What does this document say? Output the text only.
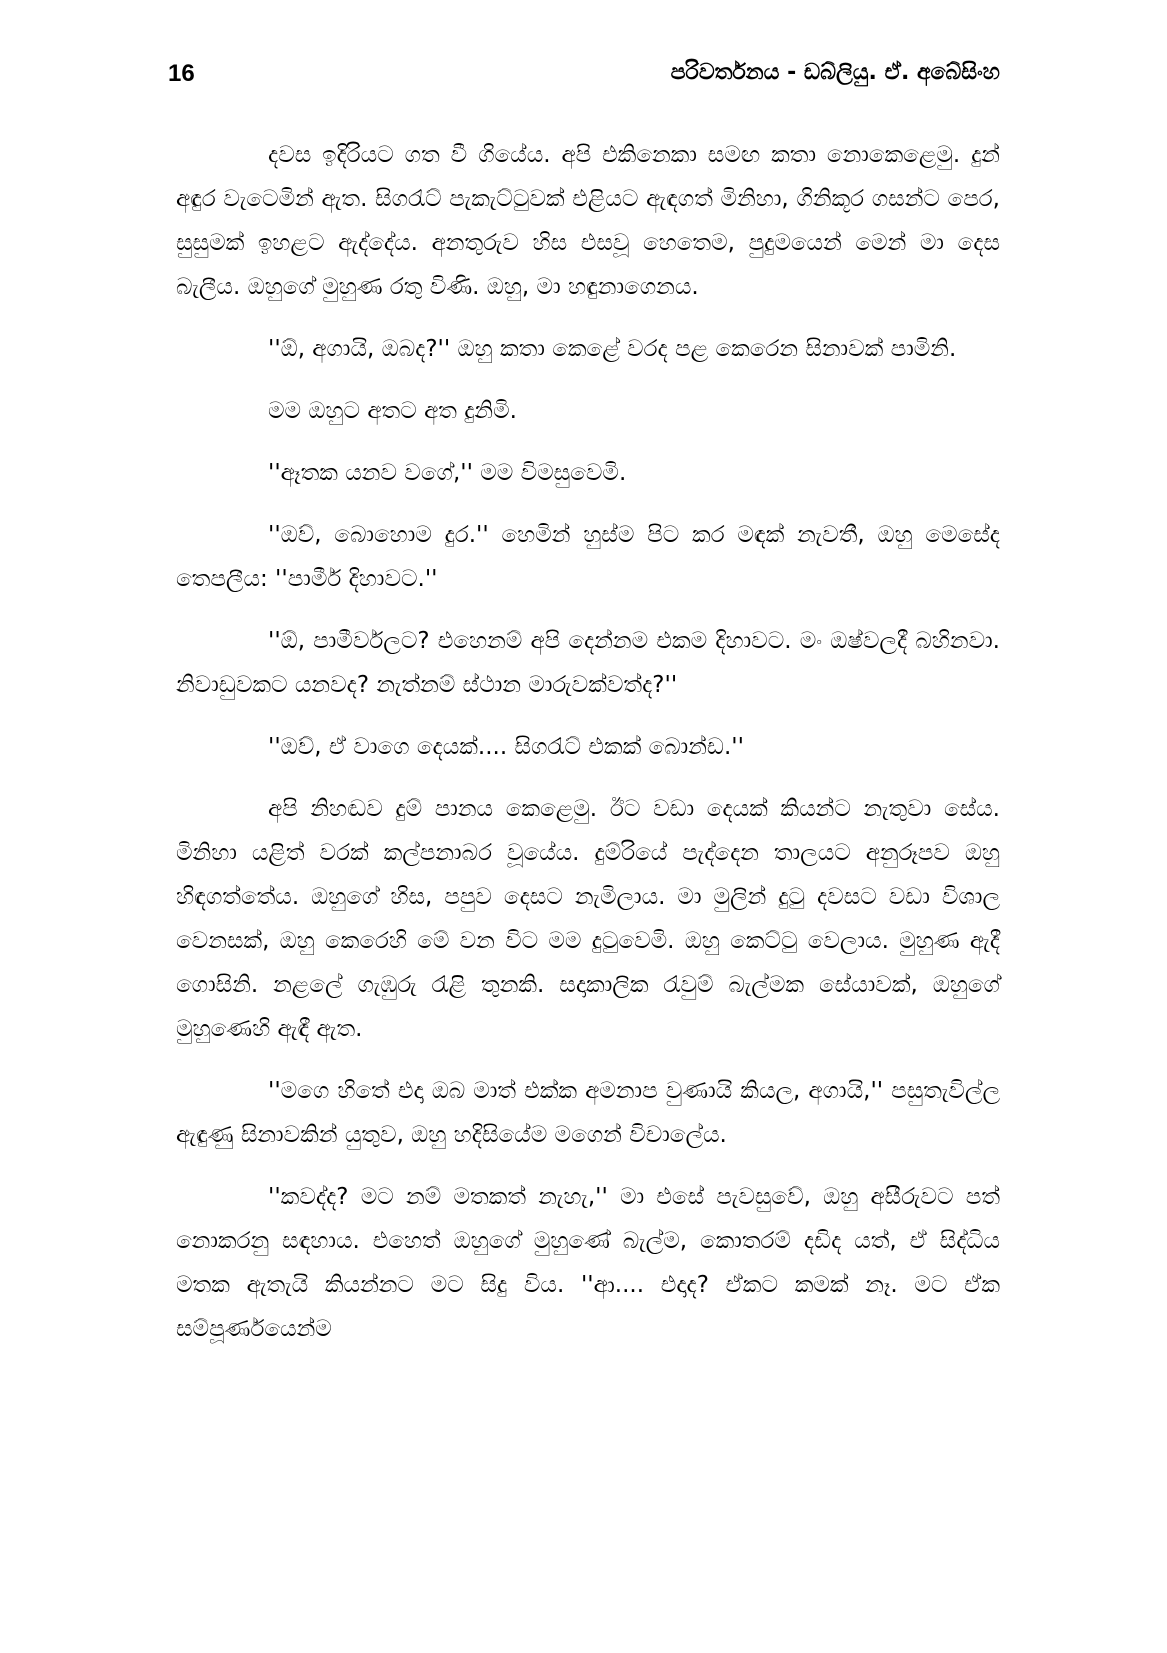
16	පරිවර්තනය - ඩබ්ලියු. ඒ. අබේසිංහ

දවස ඉදිරියට ගත වී ගියේය. අපි එකිනෙකා සමඟ කතා නොකෙළෙමු. දුන් අඳුර වැටෙමින් ඇත. සිගරැට් පැකැට්ටුවක් එළියට ඇඳගත් මිනිහා, ගිනිකූර ගසන්ට පෙර, සුසුමක් ඉහළට ඇද්දේය. අනතුරුව හිස එසවූ හෙතෙම, පුදුමයෙන් මෙන් මා දෙස බැලීය. ඔහුගේ මුහුණ රතු විණි. ඔහු, මා හඳුනාගෙනය.

''ඕ, අගායි, ඔබද?'' ඔහු කතා කෙළේ වරද පළ කෙරෙන සිනාවක් පාමිනි.

මම ඔහුට අතට අත දුනිමි.

''ඈතක යනව වගේ,'' මම විමසුවෙමි.

''ඔව්, බොහොම දුර.'' හෙමින් හුස්ම පිට කර මඳක් නැවතී, ඔහු මෙසේද තෙපලීය: ''පාමීර් දිහාවට.''

''ඕ, පාමීර්වලට? එහෙනම් අපි දෙන්නම එකම දිහාවට. මං ඔෂ්වලදී බහිනවා. නිවාඩුවකට යනවද? නැත්නම් ස්ථාන මාරුවක්වත්ද?''

''ඔව්, ඒ වාගෙ දෙයක්.... සිගරැට් එකක් බොන්ඩ.''

අපි නිහඬව දුම් පානය කෙළෙමු. ඊට වඩා දෙයක් කියන්ට නැතුවා සේය. මිනිහා යළිත් වරක් කල්පනාබර වූයේය. දුම්රියේ පැද්දෙන තාලයට අනුරූපව ඔහු හිඳගත්තේය. ඔහුගේ හිස, පපුව දෙසට නැමිලාය. මා මුලින් දුටු දවසට වඩා විශාල වෙනසක්, ඔහු කෙරෙහි මේ වන විට මම දුටුවෙමි. ඔහු කෙට්ටු වෙලාය. මුහුණ ඇදී ගොසිනි. නළලේ ගැඹුරු රැළි තුනකි. සදාකාලික රැවුම් බැල්මක සේයාවක්, ඔහුගේ මුහුණෙහි ඇඳී ඇත.

''මගෙ හිතේ එදා ඔබ මාත් එක්ක අමනාප වුණායි කියල, අගායි,'' පසුතැවිල්ල ඇඳුණු සිනාවකින් යුතුව, ඔහු හදිසියේම මගෙන් විචාලේය.

''කවද්ද? මට නම් මතකත් නැහැ,'' මා එසේ පැවසුවේ, ඔහු අසීරුවට පත් නොකරනු සඳහාය. එහෙත් ඔහුගේ මුහුණේ බැල්ම, කොතරම් දඩිද යත්, ඒ සිද්ධිය මතක ඇතැයි කියන්නට මට සිදු විය. ''ආ.... එදාද? ඒකට කමක් නෑ. මට ඒක සම්පූර්ණයෙන්ම
